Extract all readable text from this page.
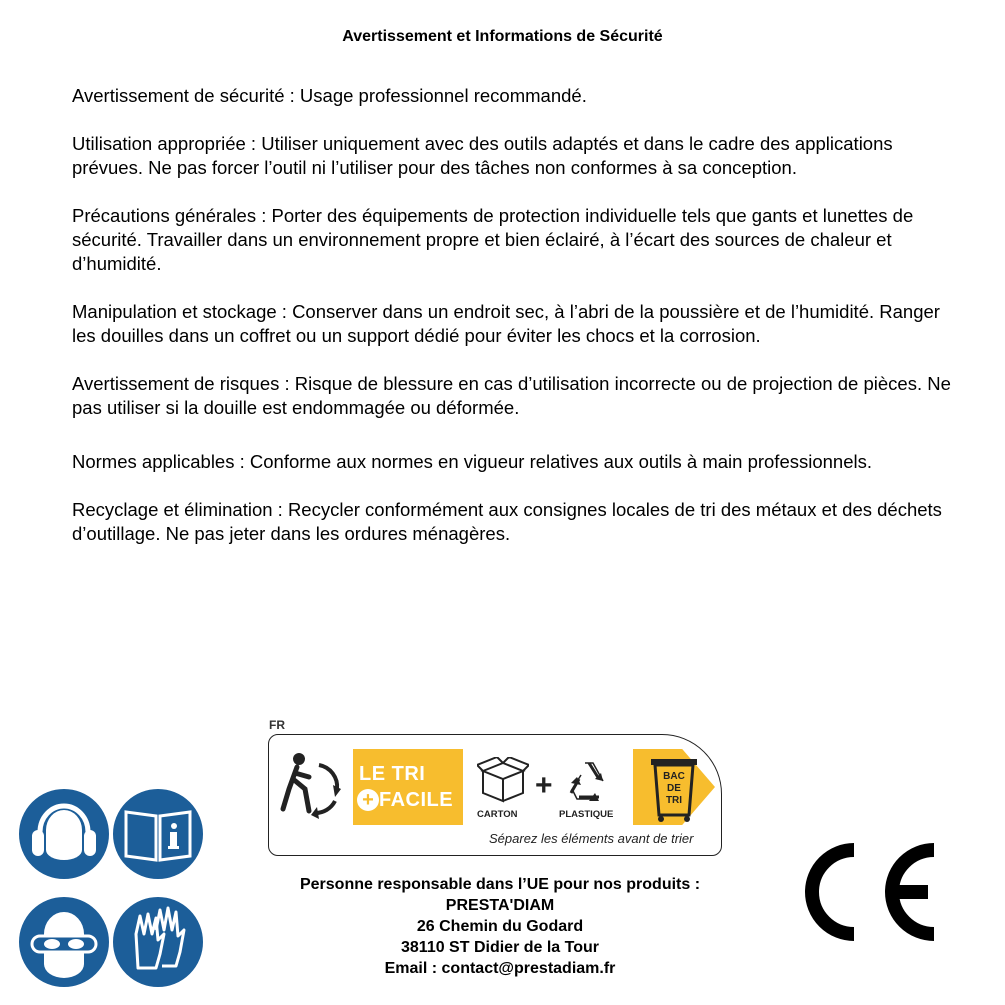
Avertissement et Informations de Sécurité

Avertissement de sécurité : Usage professionnel recommandé.

Utilisation appropriée : Utiliser uniquement avec des outils adaptés et dans le cadre des applications prévues. Ne pas forcer l’outil ni l’utiliser pour des tâches non conformes à sa conception.

Précautions générales : Porter des équipements de protection individuelle tels que gants et lunettes de sécurité. Travailler dans un environnement propre et bien éclairé, à l’écart des sources de chaleur et d’humidité.

Manipulation et stockage : Conserver dans un endroit sec, à l’abri de la poussière et de l’humidité. Ranger les douilles dans un coffret ou un support dédié pour éviter les chocs et la corrosion.

Avertissement de risques : Risque de blessure en cas d’utilisation incorrecte ou de projection de pièces. Ne pas utiliser si la douille est endommagée ou déformée.

Normes applicables : Conforme aux normes en vigueur relatives aux outils à main professionnels.

Recyclage et élimination : Recycler conformément aux consignes locales de tri des métaux et des déchets d’outillage. Ne pas jeter dans les ordures ménagères.

FR
LE TRI
+ FACILE
CARTON
+
PLASTIQUE
BAC
DE
TRI
Séparez les éléments avant de trier
Personne responsable dans l’UE pour nos produits :
PRESTA'DIAM
26 Chemin du Godard
38110 ST Didier de la Tour
Email : contact@prestadiam.fr
